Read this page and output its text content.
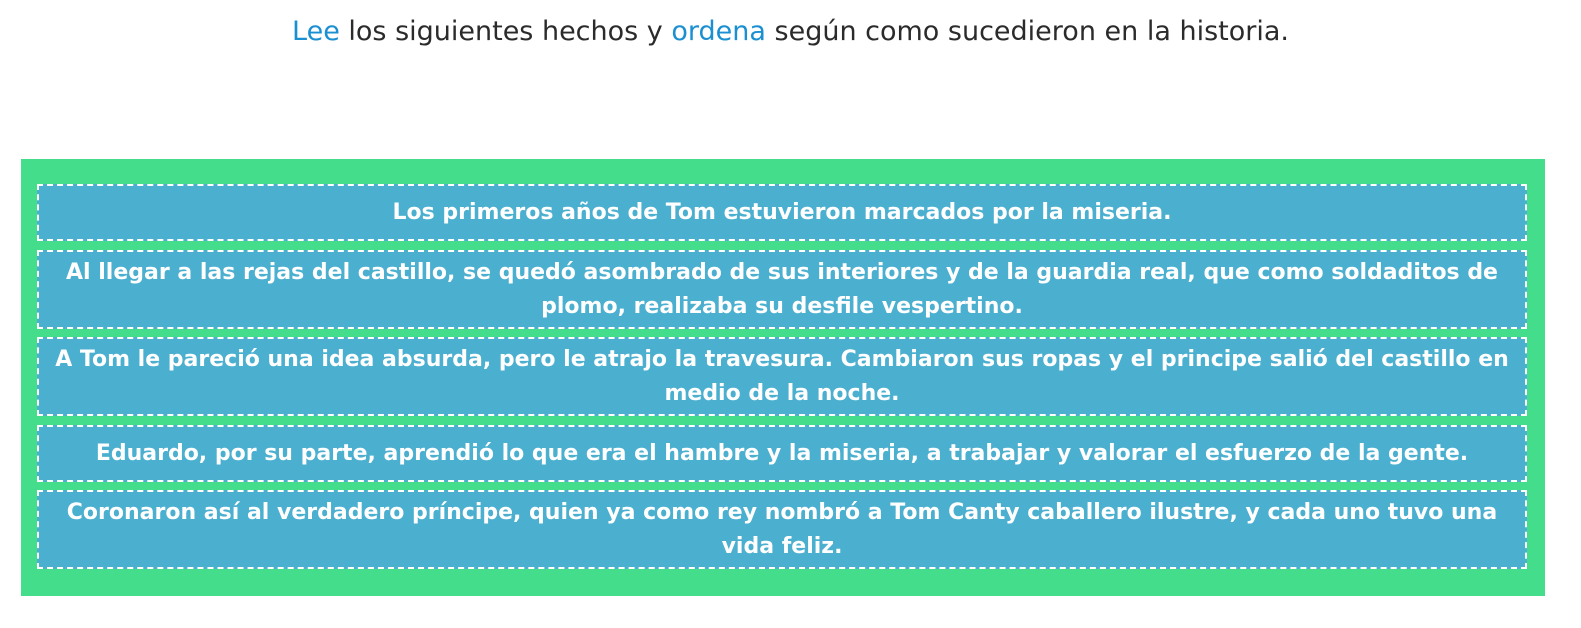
Lee los siguientes hechos y ordena según como sucedieron en la historia.
Los primeros años de Tom estuvieron marcados por la miseria.
Al llegar a las rejas del castillo, se quedó asombrado de sus interiores y de la guardia real, que como soldaditos de plomo, realizaba su desfile vespertino.
A Tom le pareció una idea absurda, pero le atrajo la travesura. Cambiaron sus ropas y el principe salió del castillo en medio de la noche.
Eduardo, por su parte, aprendió lo que era el hambre y la miseria, a trabajar y valorar el esfuerzo de la gente.
Coronaron así al verdadero príncipe, quien ya como rey nombró a Tom Canty caballero ilustre, y cada uno tuvo una vida feliz.
